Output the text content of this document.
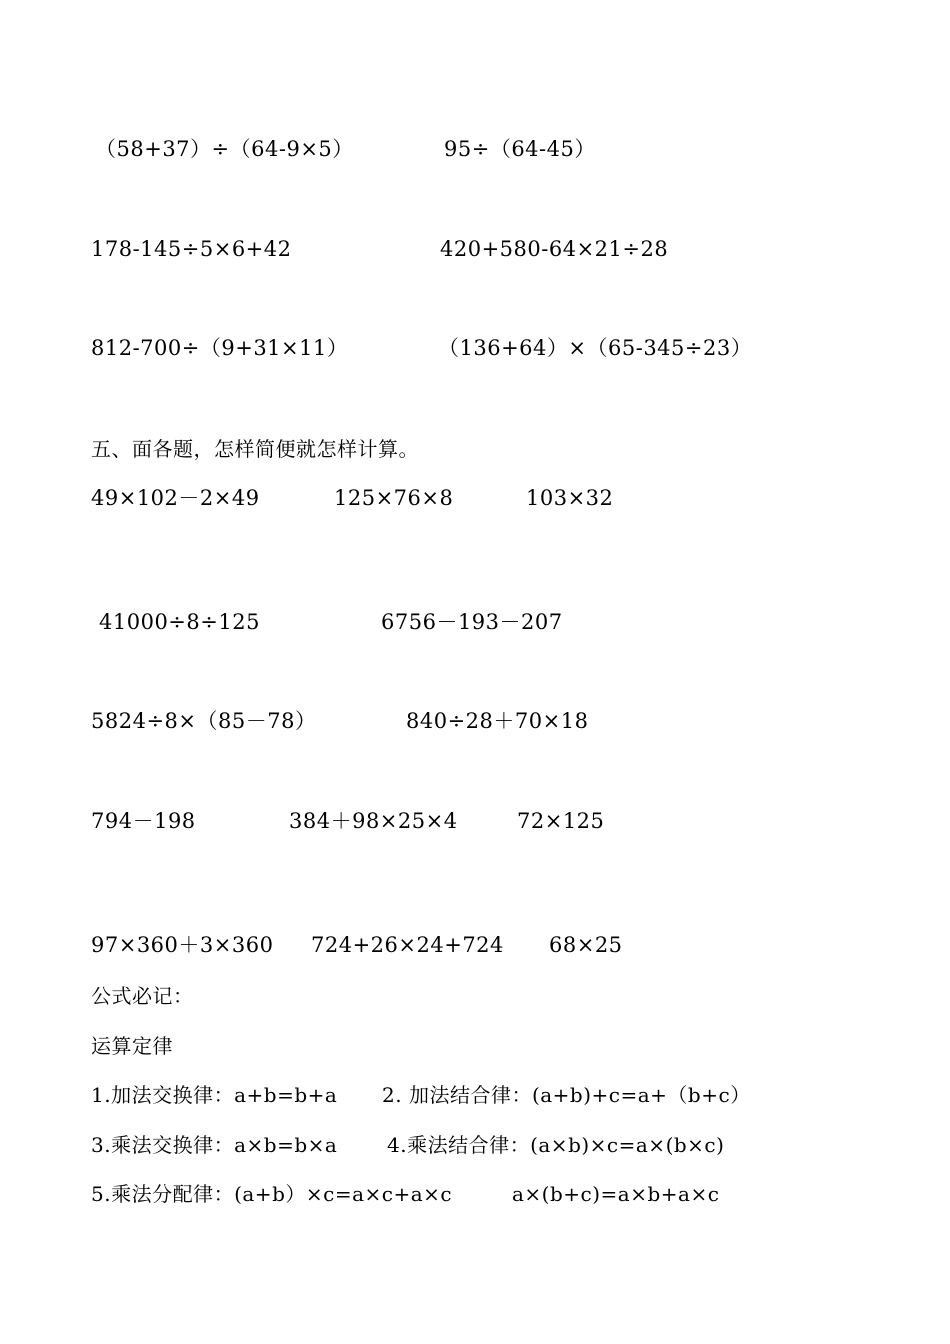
（58+37）÷（64-9×5）	95÷（64-45）
178-145÷5×6+42	420+580-64×21÷28
812-700÷（9+31×11）	（136+64）×（65-345÷23）
五、面各题，怎样简便就怎样计算。
49×102－2×49	125×76×8	103×32
41000÷8÷125	6756－193－207
5824÷8×（85－78）	840÷28＋70×18
794－198	384＋98×25×4	72×125
97×360＋3×360 724+26×24+724 68×25
公式必记：
运算定律
1.加法交换律：a+b=b+a 2. 加法结合律：(a+b)+c=a+（b+c）
3.乘法交换律：a×b=b×a 4.乘法结合律：(a×b)×c=a×(b×c)
5.乘法分配律：(a+b）×c=a×c+a×c	a×(b+c)=a×b+a×c
